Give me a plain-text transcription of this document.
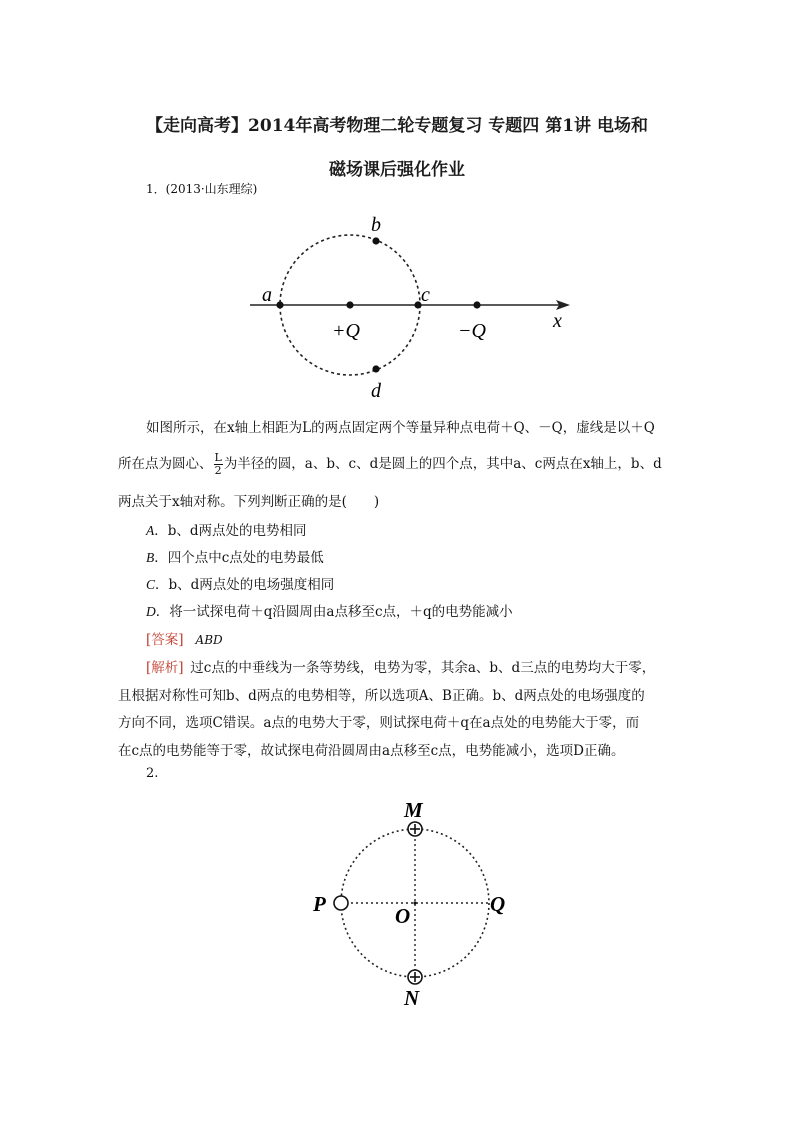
【走向高考】2014年高考物理二轮专题复习 专题四 第1讲 电场和
磁场课后强化作业
1．(2013·山东理综)
a
b
c
d
+Q	−Q	x
如图所示，在x轴上相距为L的两点固定两个等量异种点电荷＋Q、－Q，虚线是以＋Q
所在点为圆心、 $\frac{L}{2}$ 为半径的圆，a、b、c、d是圆上的四个点，其中a、c两点在x轴上，b、d
两点关于x轴对称。下列判断正确的是(　　)
A．b、d两点处的电势相同
B．四个点中c点处的电势最低
C．b、d两点处的电场强度相同
D．将一试探电荷＋q沿圆周由a点移至c点，＋q的电势能减小
[答案] ABD
[解析]  过c点的中垂线为一条等势线，电势为零，其余a、b、d三点的电势均大于零，
且根据对称性可知b、d两点的电势相等，所以选项A、B正确。b、d两点处的电场强度的
方向不同，选项C错误。a点的电势大于零，则试探电荷＋q在a点处的电势能大于零，而
在c点的电势能等于零，故试探电荷沿圆周由a点移至c点，电势能减小，选项D正确。
2.
M
N
P	Q
O
